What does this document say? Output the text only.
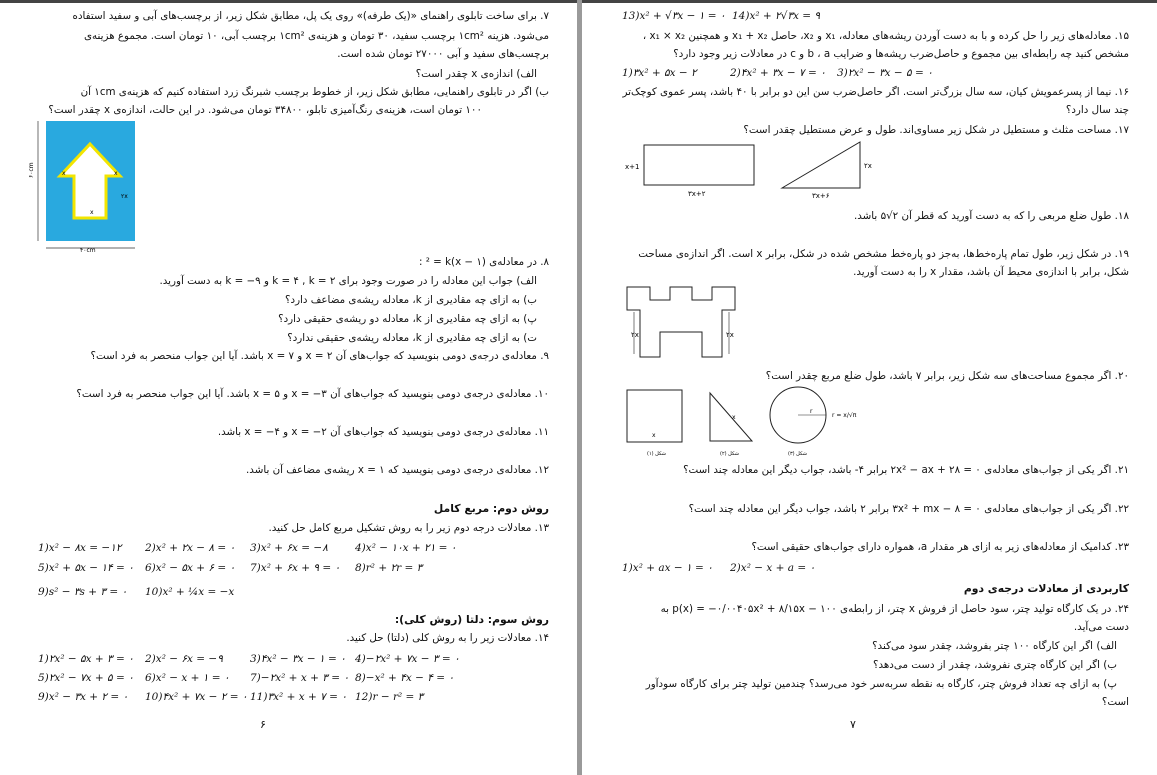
۷. برای ساخت تابلوی راهنمای «(یک طرفه)» روی یک پل، مطابق شکل زیر، از برچسب‌های آبی و سفید استفاده
می‌شود. هزینه ۱cm² برچسب سفید، ۳۰ تومان و هزینه‌ی ۱cm² برچسب آبی، ۱۰ تومان است. مجموع هزینه‌ی
برچسب‌های سفید و آبی ۲۷۰۰۰ تومان شده است.
الف) اندازه‌ی x چقدر است؟
ب) اگر در تابلوی راهنمایی، مطابق شکل زیر، از خطوط برچسب شبرنگ زرد استفاده کنیم که هزینه‌ی ۱cm آن
۱۰۰ تومان است، هزینه‌ی رنگ‌آمیزی تابلو، ۳۴۸۰۰ تومان می‌شود. در این حالت، اندازه‌ی x چقدر است؟
۶۰cm
۴۰cm
x	x
x
۲x
۸. در معادله‌ی (x − ۱)² = k :
الف) جواب این معادله را در صورت وجود برای k = ۴ , k = ۲ و k = −۹ به دست آورید.
ب) به ازای چه مقادیری از k، معادله ریشه‌ی مضاعف دارد؟
پ) به ازای چه مقادیری از k، معادله دو ریشه‌ی حقیقی دارد؟
ت) به ازای چه مقادیری از k، معادله ریشه‌ی حقیقی ندارد؟
۹. معادله‌ی درجه‌ی دومی بنویسید که جواب‌های آن x = ۲ و x = ۷ باشد. آیا این جواب منحصر به فرد است؟
۱۰. معادله‌ی درجه‌ی دومی بنویسید که جواب‌های آن x = −۳ و x = ۵ باشد. آیا این جواب منحصر به فرد است؟
۱۱. معادله‌ی درجه‌ی دومی بنویسید که جواب‌های آن x = −۲ و x = −۴ باشد.
۱۲. معادله‌ی درجه‌ی دومی بنویسید که x = ۱ ریشه‌ی مضاعف آن باشد.
روش دوم: مربع کامل
۱۳. معادلات درجه دوم زیر را به روش تشکیل مربع کامل حل کنید.
1)x² − ۸x = −۱۲ 2)x² + ۲x − ۸ = ۰ 3)x² + ۶x = −۸	4)x² − ۱۰x + ۲۱ = ۰
5)x² + ۵x − ۱۴ = ۰ 6)x² − ۵x + ۶ = ۰ 7)x² + ۶x + ۹ = ۰ 8)r² + ۲r = ۳
9)s² − ۳s + ۳ = ۰ 10)x² + ¼x = −x
روش سوم: دلتا (روش کلی):
۱۴. معادلات زیر را به روش کلی (دلتا) حل کنید.
1)۲x² − ۵x + ۳ = ۰ 2)x² − ۶x = −۹	3)۴x² − ۳x − ۱ = ۰ 4)−۲x² + ۷x − ۳ = ۰
5)۲x² − ۷x + ۵ = ۰ 6)x² − x + ۱ = ۰ 7)−۲x² + x + ۳ = ۰ 8)−x² + ۴x − ۴ = ۰
9)x² − ۳x + ۲ = ۰ 10)۴x² + ۷x − ۲ = ۰ 11)۳x² + x + ۷ = ۰ 12)r − r² = ۳
۶
13)x² + √۳x − ۱ = ۰ 14)x² + ۲√۳x = ۹
۱۵. معادله‌های زیر را حل کرده و با به دست آوردن ریشه‌های معادله، x₁ و x₂، حاصل x₁ + x₂ و همچنین x₁ × x₂ ،
مشخص کنید چه رابطه‌ای بین مجموع و حاصل‌ضرب ریشه‌ها و ضرایب b ، a و c در معادلات زیر وجود دارد؟
1)۳x² + ۵x − ۲	2)۴x² + ۳x − ۷ = ۰ 3)۲x² − ۳x − ۵ = ۰
۱۶. نیما از پسرعمویش کیان، سه سال بزرگ‌تر است. اگر حاصل‌ضرب سن این دو برابر با ۴۰ باشد، پسر عموی کوچک‌تر
چند سال دارد؟
۱۷. مساحت مثلث و مستطیل در شکل زیر مساوی‌اند. طول و عرض مستطیل چقدر است؟
x+1
۳x+۲
۲x
۳x+۶
۱۸. طول ضلع مربعی را که به دست آورید که قطر آن ۲√۵ باشد.
۱۹. در شکل زیر، طول تمام پاره‌خط‌ها، به‌جز دو پاره‌خط مشخص شده در شکل، برابر x است. اگر اندازه‌ی مساحت
شکل، برابر با اندازه‌ی محیط آن باشد، مقدار x را به دست آورید.
۲x	۲x
۲۰. اگر مجموع مساحت‌های سه شکل زیر، برابر ۷ باشد، طول ضلع مربع چقدر است؟
x
شکل (۱)
x
شکل (۲)
r
r = x/√π
شکل (۳)
۲۱. اگر یکی از جواب‌های معادله‌ی ۲x² − ax + ۲۸ = ۰ برابر ۴- باشد، جواب دیگر این معادله چند است؟
۲۲. اگر یکی از جواب‌های معادله‌ی ۳x² + mx − ۸ = ۰ برابر ۲ باشد، جواب دیگر این معادله چند است؟
۲۳. کدامیک از معادله‌های زیر به ازای هر مقدار a، همواره دارای جواب‌های حقیقی است؟
1)x² + ax − ۱ = ۰ 2)x² − x + a = ۰
کاربردی از معادلات درجه‌ی دوم
۲۴. در یک کارگاه تولید چتر، سود حاصل از فروش x چتر، از رابطه‌ی p(x) = −۰/۰۰۴۰۵x² + ۸/۱۵x − ۱۰۰ به
دست می‌آید.
الف) اگر این کارگاه ۱۰۰ چتر بفروشد، چقدر سود می‌کند؟
ب) اگر این کارگاه چتری نفروشد، چقدر از دست می‌دهد؟
پ) به ازای چه تعداد فروش چتر، کارگاه به نقطه سربه‌سر خود می‌رسد؟ چندمین تولید چتر برای کارگاه سودآور
است؟
۷
